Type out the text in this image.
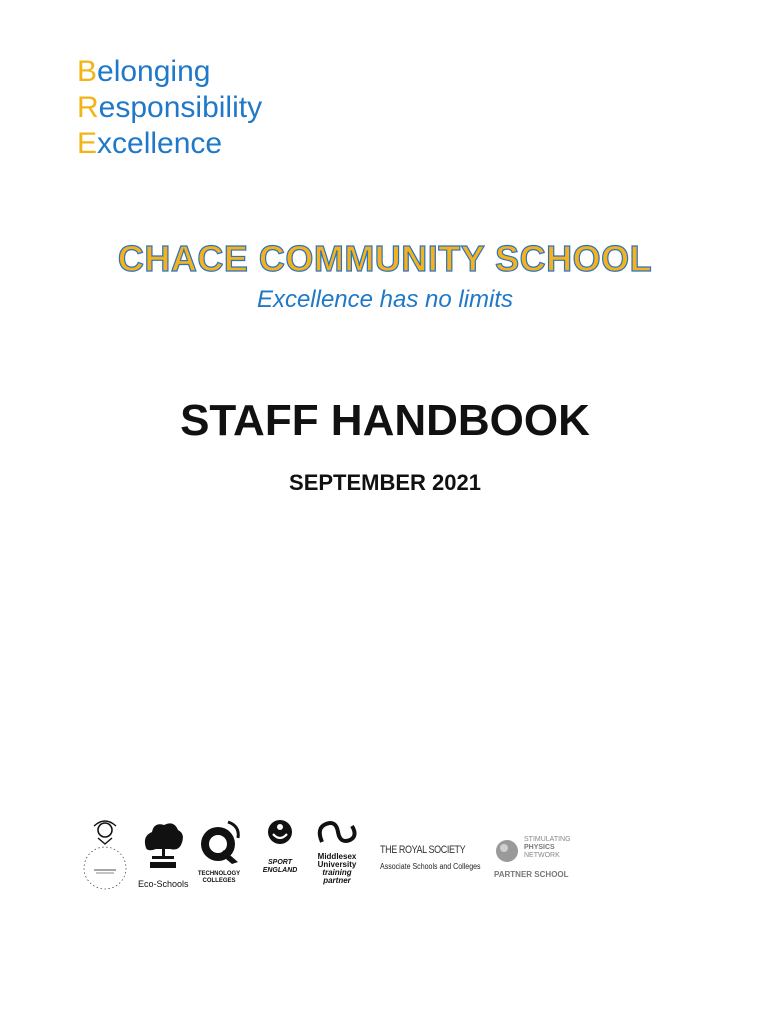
Belonging
Responsibility
Excellence
CHACE COMMUNITY SCHOOL
Excellence has no limits
STAFF HANDBOOK
SEPTEMBER 2021
Eco-Schools
TECHNOLOGY
COLLEGES
SPORT
ENGLAND
Middlesex
University
training
partner
THE ROYAL SOCIETY
Associate Schools and Colleges
STIMULATING
PHYSICS
NETWORK
PARTNER SCHOOL
